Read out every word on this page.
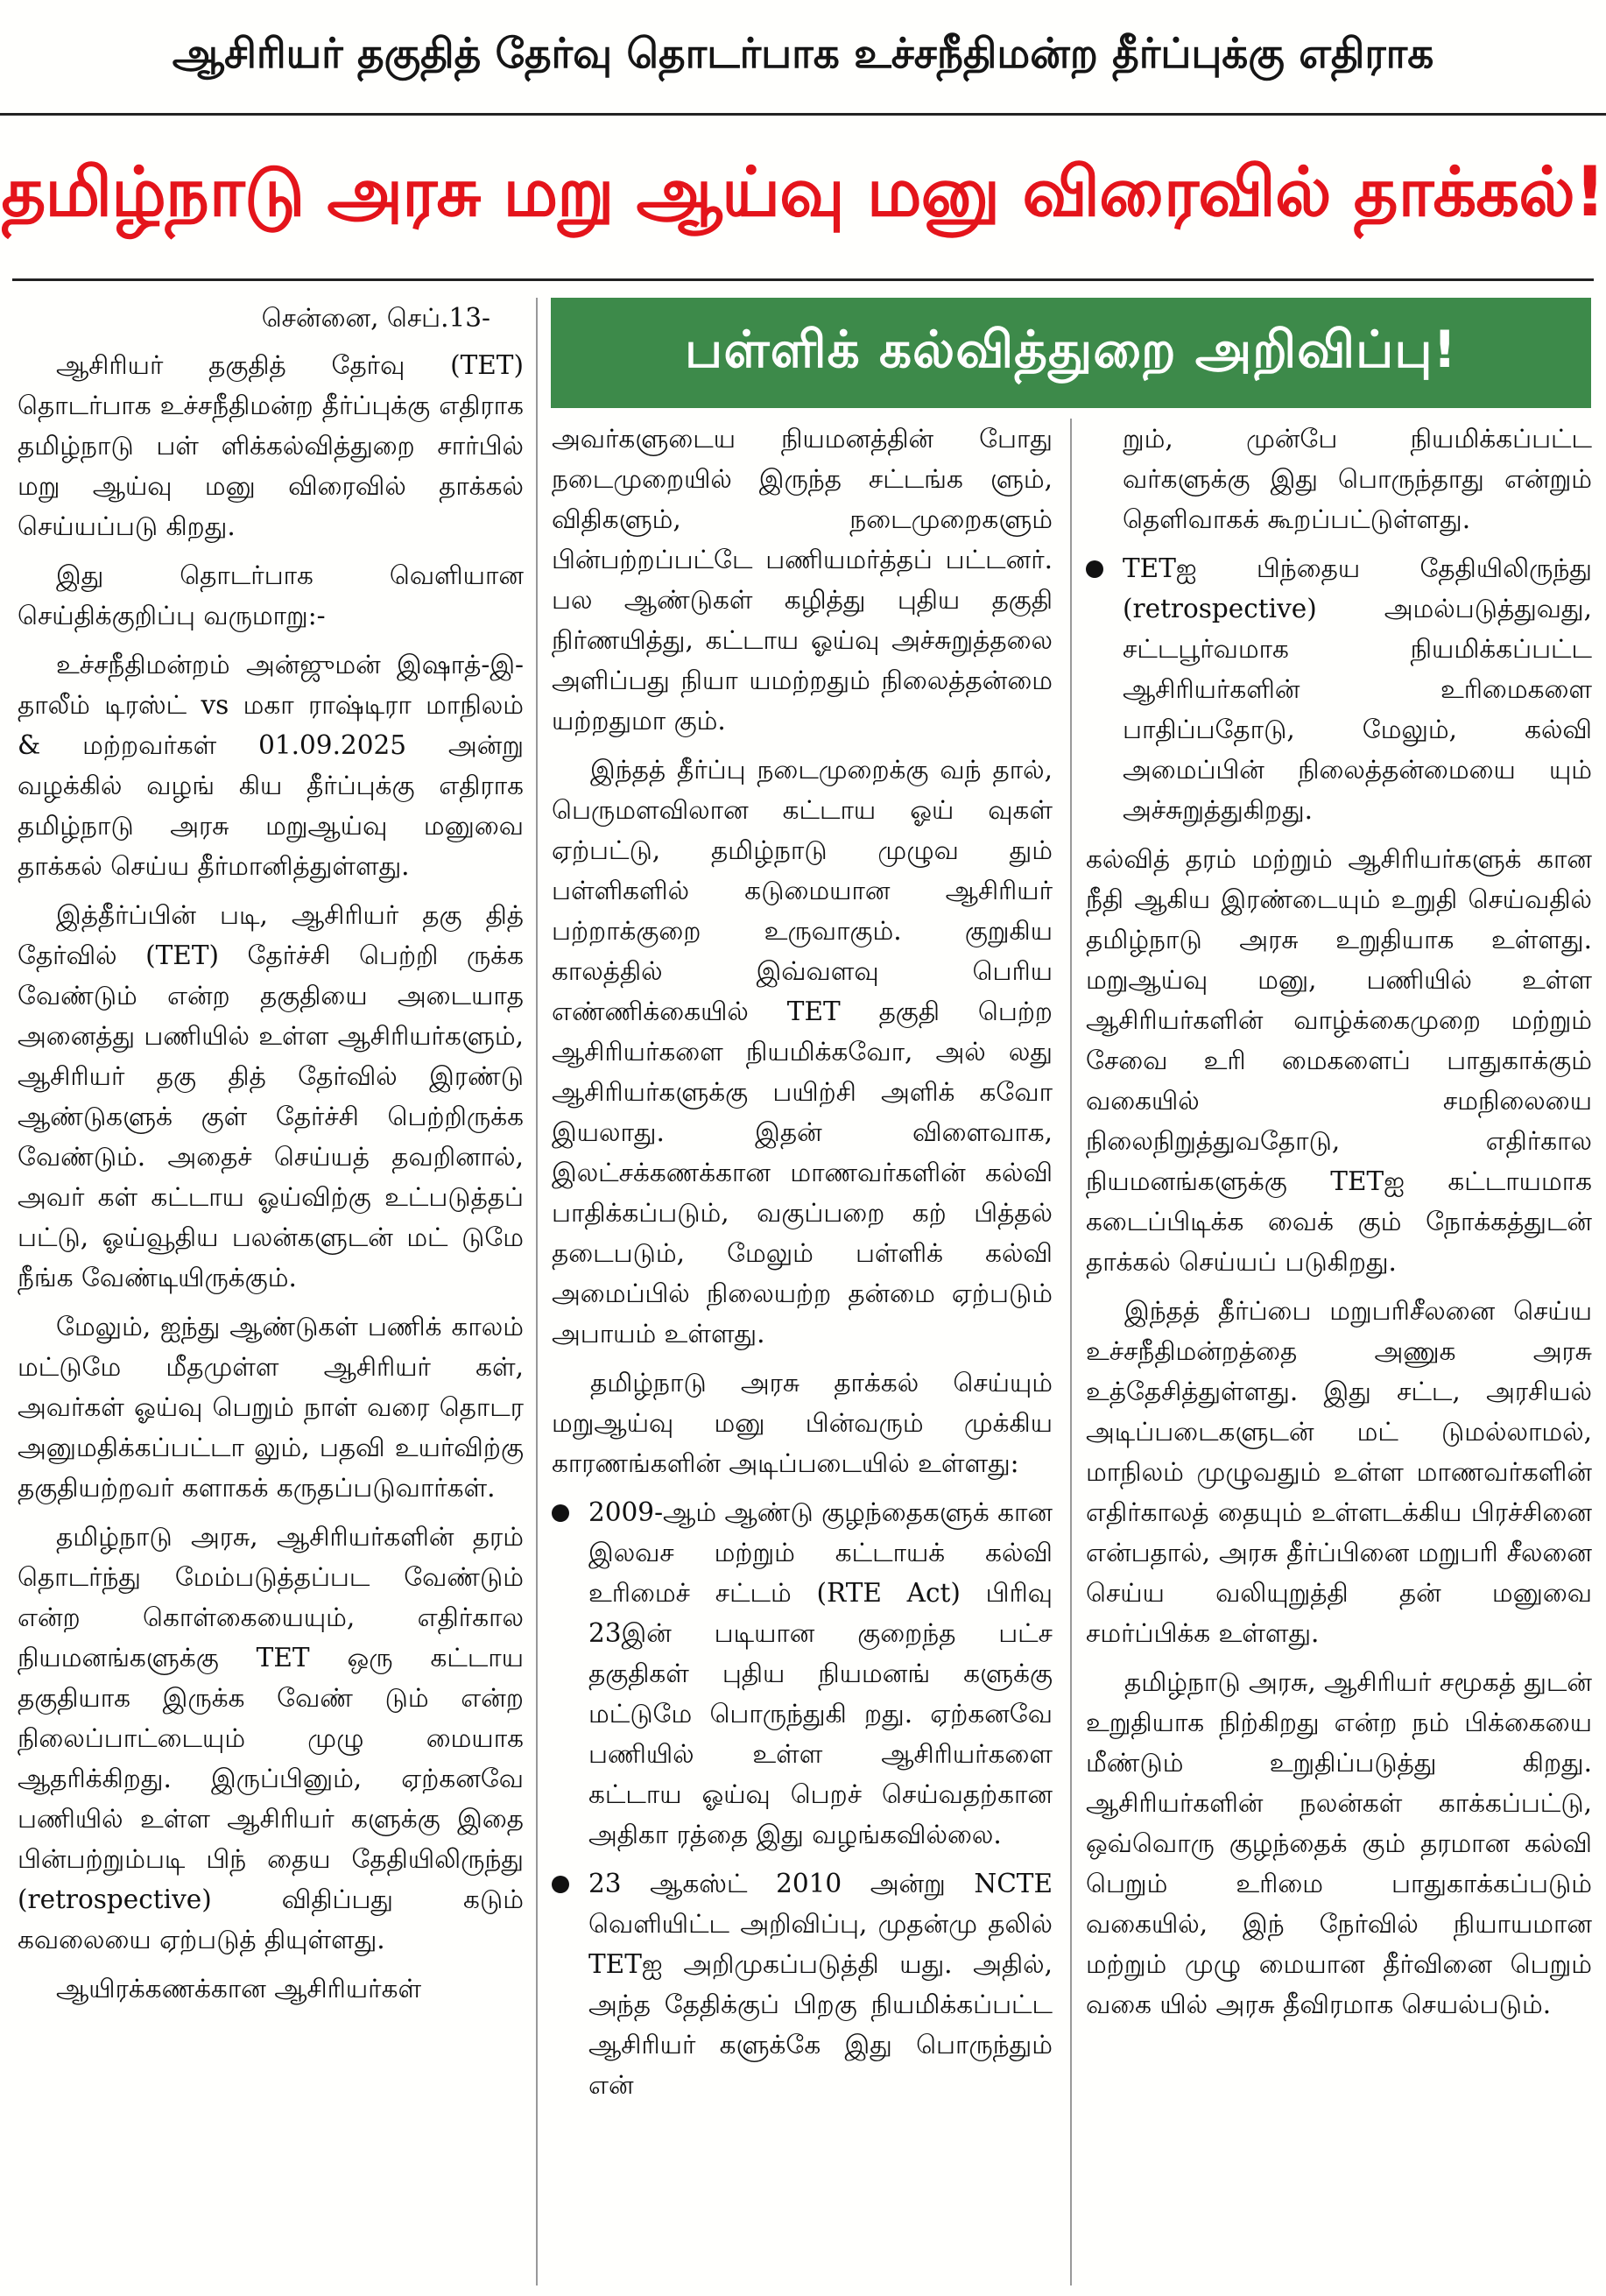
ஆசிரியர் தகுதித் தேர்வு தொடர்பாக உச்சநீதிமன்ற தீர்ப்புக்கு எதிராக
தமிழ்நாடு அரசு மறு ஆய்வு மனு விரைவில் தாக்கல்!
பள்ளிக் கல்வித்துறை அறிவிப்பு!

சென்னை, செப்.13-

ஆசிரியர் தகுதித் தேர்வு (TET) தொடர்பாக உச்சநீதிமன்ற தீர்ப்புக்கு எதிராக தமிழ்நாடு பள் ளிக்கல்வித்துறை சார்பில் மறு ஆய்வு மனு விரைவில் தாக்கல் செய்யப்படு கிறது.

இது தொடர்பாக வெளியான செய்திக்குறிப்பு வருமாறு:-

உச்சநீதிமன்றம் அன்ஜுமன் இஷாத்-இ-தாலீம் டிரஸ்ட் vs மகா ராஷ்டிரா மாநிலம் & மற்றவர்கள் 01.09.2025 அன்று வழக்கில் வழங் கிய தீர்ப்புக்கு எதிராக தமிழ்நாடு அரசு மறுஆய்வு மனுவை தாக்கல் செய்ய தீர்மானித்துள்ளது.

இத்தீர்ப்பின் படி, ஆசிரியர் தகு தித் தேர்வில் (TET) தேர்ச்சி பெற்றி ருக்க வேண்டும் என்ற தகுதியை அடையாத அனைத்து பணியில் உள்ள ஆசிரியர்களும், ஆசிரியர் தகு தித் தேர்வில் இரண்டு ஆண்டுகளுக் குள் தேர்ச்சி பெற்றிருக்க வேண்டும். அதைச் செய்யத் தவறினால், அவர் கள் கட்டாய ஓய்விற்கு உட்படுத்தப் பட்டு, ஓய்வூதிய பலன்களுடன் மட் டுமே நீங்க வேண்டியிருக்கும்.

மேலும், ஐந்து ஆண்டுகள் பணிக் காலம் மட்டுமே மீதமுள்ள ஆசிரியர் கள், அவர்கள் ஓய்வு பெறும் நாள் வரை தொடர அனுமதிக்கப்பட்டா லும், பதவி உயர்விற்கு தகுதியற்றவர் களாகக் கருதப்படுவார்கள்.

தமிழ்நாடு அரசு, ஆசிரியர்களின் தரம் தொடர்ந்து மேம்படுத்தப்பட வேண்டும் என்ற கொள்கையையும், எதிர்கால நியமனங்களுக்கு TET ஒரு கட்டாய தகுதியாக இருக்க வேண் டும் என்ற நிலைப்பாட்டையும் முழு மையாக ஆதரிக்கிறது. இருப்பினும், ஏற்கனவே பணியில் உள்ள ஆசிரியர் களுக்கு இதை பின்பற்றும்படி பிந் தைய தேதியிலிருந்து (retrospective) விதிப்பது கடும் கவலையை ஏற்படுத் தியுள்ளது.

ஆயிரக்கணக்கான ஆசிரியர்கள்

அவர்களுடைய நியமனத்தின் போது நடைமுறையில் இருந்த சட்டங்க ளும், விதிகளும், நடைமுறைகளும் பின்பற்றப்பட்டே பணியமர்த்தப் பட்டனர். பல ஆண்டுகள் கழித்து புதிய தகுதி நிர்ணயித்து, கட்டாய ஓய்வு அச்சுறுத்தலை அளிப்பது நியா யமற்றதும் நிலைத்தன்மை யற்றதுமா கும்.

இந்தத் தீர்ப்பு நடைமுறைக்கு வந் தால், பெருமளவிலான கட்டாய ஓய் வுகள் ஏற்பட்டு, தமிழ்நாடு முழுவ தும் பள்ளிகளில் கடுமையான ஆசிரியர் பற்றாக்குறை உருவாகும். குறுகிய காலத்தில் இவ்வளவு பெரிய எண்ணிக்கையில் TET தகுதி பெற்ற ஆசிரியர்களை நியமிக்கவோ, அல் லது ஆசிரியர்களுக்கு பயிற்சி அளிக் கவோ இயலாது. இதன் விளைவாக, இலட்சக்கணக்கான மாணவர்களின் கல்வி பாதிக்கப்படும், வகுப்பறை கற் பித்தல் தடைபடும், மேலும் பள்ளிக் கல்வி அமைப்பில் நிலையற்ற தன்மை ஏற்படும் அபாயம் உள்ளது.

தமிழ்நாடு அரசு தாக்கல் செய்யும் மறுஆய்வு மனு பின்வரும் முக்கிய காரணங்களின் அடிப்படையில் உள்ளது:

2009-ஆம் ஆண்டு குழந்தைகளுக் கான இலவச மற்றும் கட்டாயக் கல்வி உரிமைச் சட்டம் (RTE Act) பிரிவு 23இன் படியான குறைந்த பட்ச தகுதிகள் புதிய நியமனங் களுக்கு மட்டுமே பொருந்துகி றது. ஏற்கனவே பணியில் உள்ள ஆசிரியர்களை கட்டாய ஓய்வு பெறச் செய்வதற்கான அதிகா ரத்தை இது வழங்கவில்லை.

23 ஆகஸ்ட் 2010 அன்று NCTE வெளியிட்ட அறிவிப்பு, முதன்மு தலில் TETஐ அறிமுகப்படுத்தி யது. அதில், அந்த தேதிக்குப் பிறகு நியமிக்கப்பட்ட ஆசிரியர் களுக்கே இது பொருந்தும் என்

றும், முன்பே நியமிக்கப்பட்ட வர்களுக்கு இது பொருந்தாது என்றும் தெளிவாகக் கூறப்பட்டுள்ளது.

TETஐ பிந்தைய தேதியிலிருந்து (retrospective) அமல்படுத்துவது, சட்டபூர்வமாக நியமிக்கப்பட்ட ஆசிரியர்களின் உரிமைகளை பாதிப்பதோடு, மேலும், கல்வி அமைப்பின் நிலைத்தன்மையை யும் அச்சுறுத்துகிறது.

கல்வித் தரம் மற்றும் ஆசிரியர்களுக் கான நீதி ஆகிய இரண்டையும் உறுதி செய்வதில் தமிழ்நாடு அரசு உறுதியாக உள்ளது. மறுஆய்வு மனு, பணியில் உள்ள ஆசிரியர்களின் வாழ்க்கைமுறை மற்றும் சேவை உரி மைகளைப் பாதுகாக்கும் வகையில் சமநிலையை நிலைநிறுத்துவதோடு, எதிர்கால நியமனங்களுக்கு TETஐ கட்டாயமாக கடைப்பிடிக்க வைக் கும் நோக்கத்துடன் தாக்கல் செய்யப் படுகிறது.

இந்தத் தீர்ப்பை மறுபரிசீலனை செய்ய உச்சநீதிமன்றத்தை அணுக அரசு உத்தேசித்துள்ளது. இது சட்ட, அரசியல் அடிப்படைகளுடன் மட் டுமல்லாமல், மாநிலம் முழுவதும் உள்ள மாணவர்களின் எதிர்காலத் தையும் உள்ளடக்கிய பிரச்சினை என்பதால், அரசு தீர்ப்பினை மறுபரி சீலனை செய்ய வலியுறுத்தி தன் மனுவை சமர்ப்பிக்க உள்ளது.

தமிழ்நாடு அரசு, ஆசிரியர் சமூகத் துடன் உறுதியாக நிற்கிறது என்ற நம் பிக்கையை மீண்டும் உறுதிப்படுத்து கிறது. ஆசிரியர்களின் நலன்கள் காக்கப்பட்டு, ஒவ்வொரு குழந்தைக் கும் தரமான கல்வி பெறும் உரிமை பாதுகாக்கப்படும் வகையில், இந் நேர்வில் நியாயமான மற்றும் முழு மையான தீர்வினை பெறும் வகை யில் அரசு தீவிரமாக செயல்படும்.
